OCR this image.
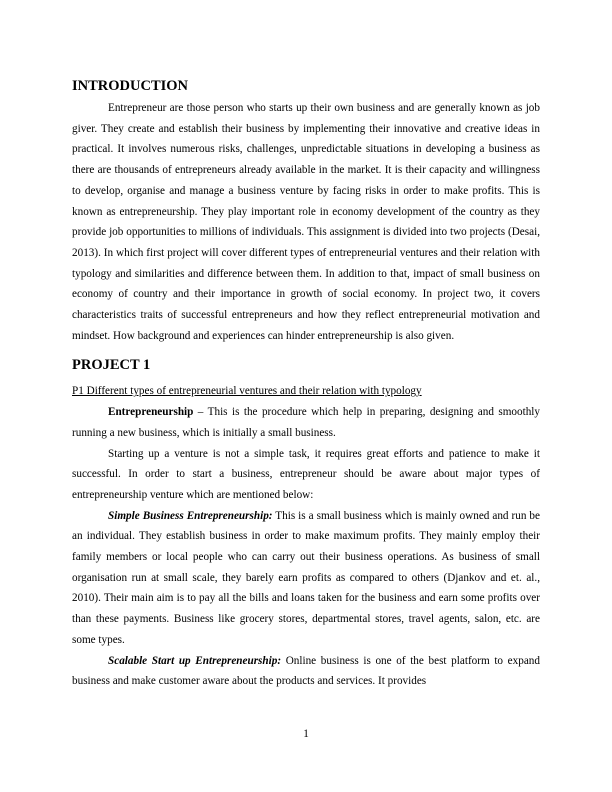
INTRODUCTION

Entrepreneur are those person who starts up their own business and are generally known as job giver. They create and establish their business by implementing their innovative and creative ideas in practical. It involves numerous risks, challenges, unpredictable situations in developing a business as there are thousands of entrepreneurs already available in the market. It is their capacity and willingness to develop, organise and manage a business venture by facing risks in order to make profits. This is known as entrepreneurship. They play important role in economy development of the country as they provide job opportunities to millions of individuals. This assignment is divided into two projects (Desai, 2013). In which first project will cover different types of entrepreneurial ventures and their relation with typology and similarities and difference between them. In addition to that, impact of small business on economy of country and their importance in growth of social economy. In project two, it covers characteristics traits of successful entrepreneurs and how they reflect entrepreneurial motivation and mindset. How background and experiences can hinder entrepreneurship is also given.

PROJECT 1

P1 Different types of entrepreneurial ventures and their relation with typology

Entrepreneurship – This is the procedure which help in preparing, designing and smoothly running a new business, which is initially a small business.

Starting up a venture is not a simple task, it requires great efforts and patience to make it successful. In order to start a business, entrepreneur should be aware about major types of entrepreneurship venture which are mentioned below:

Simple Business Entrepreneurship: This is a small business which is mainly owned and run be an individual. They establish business in order to make maximum profits. They mainly employ their family members or local people who can carry out their business operations. As business of small organisation run at small scale, they barely earn profits as compared to others (Djankov and et. al., 2010). Their main aim is to pay all the bills and loans taken for the business and earn some profits over than these payments. Business like grocery stores, departmental stores, travel agents, salon, etc. are some types.

Scalable Start up Entrepreneurship: Online business is one of the best platform to expand business and make customer aware about the products and services. It provides

1
